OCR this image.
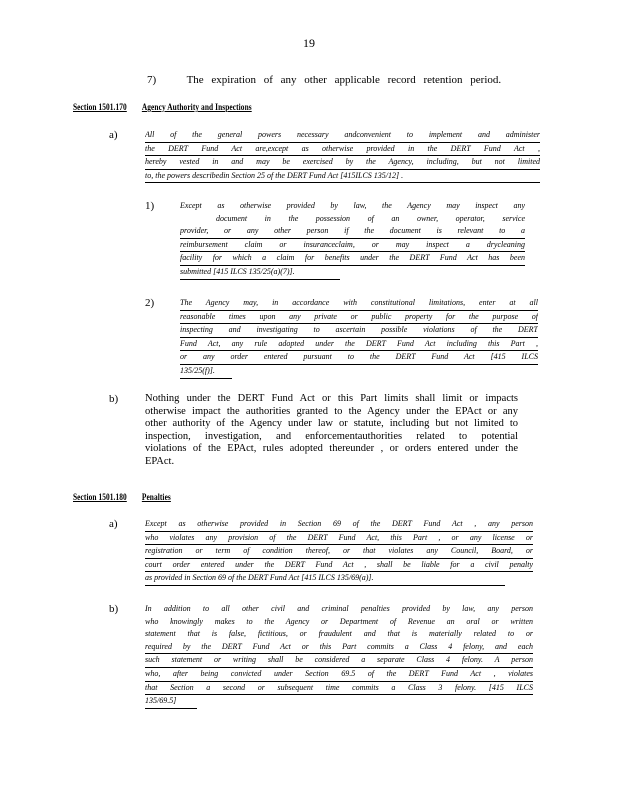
19
7)	The expiration of any other applicable record retention period.
Section 1501.170 Agency Authority and Inspections
a)	All of the general powers necessary andconvenient to implement and administer
the DERT Fund Act are,except as otherwise provided in the DERT Fund Act ,
hereby vested in and may be exercised by the Agency, including, but not limited
to, the powers describedin Section 25 of the DERT Fund Act [415ILCS 135/12] .
1)	Except as otherwise provided by law, the Agency may inspect any
document in the possession of an owner, operator, service
provider, or any other person if the document is relevant to a
reimbursement claim or insuranceclaim, or may inspect a drycleaning
facility for which a claim for benefits under the DERT Fund Act has been
submitted [415 ILCS 135/25(a)(7)].
2)	The Agency may, in accordance with constitutional limitations, enter at all
reasonable times upon any private or public property for the purpose of
inspecting and investigating to ascertain possible violations of the DERT
Fund Act, any rule adopted under the DERT Fund Act including this Part ,
or any order entered pursuant to the DERT Fund Act [415 ILCS
135/25(f)].
b)	Nothing under the DERT Fund Act or this Part limits shall limit or impacts
otherwise impact the authorities granted to the Agency under the EPAct or any
other authority of the Agency under law or statute, including but not limited to
inspection, investigation, and enforcementauthorities related to potential
violations of the EPAct, rules adopted thereunder , or orders entered under the
EPAct.
Section 1501.180 Penalties
a)	Except as otherwise provided in Section 69 of the DERT Fund Act , any person
who violates any provision of the DERT Fund Act, this Part , or any license or
registration or term of condition thereof, or that violates any Council, Board, or
court order entered under the DERT Fund Act , shall be liable for a civil penalty
as provided in Section 69 of the DERT Fund Act [415 ILCS 135/69(a)].
b)	In addition to all other civil and criminal penalties provided by law, any person
who knowingly makes to the Agency or Department of Revenue an oral or written
statement that is false, fictitious, or fraudulent and that is materially related to or
required by the DERT Fund Act or this Part commits a Class 4 felony, and each
such statement or writing shall be considered a separate Class 4 felony. A person
who, after being convicted under Section 69.5 of the DERT Fund Act , violates
that Section a second or subsequent time commits a Class 3 felony. [415 ILCS
135/69.5]
